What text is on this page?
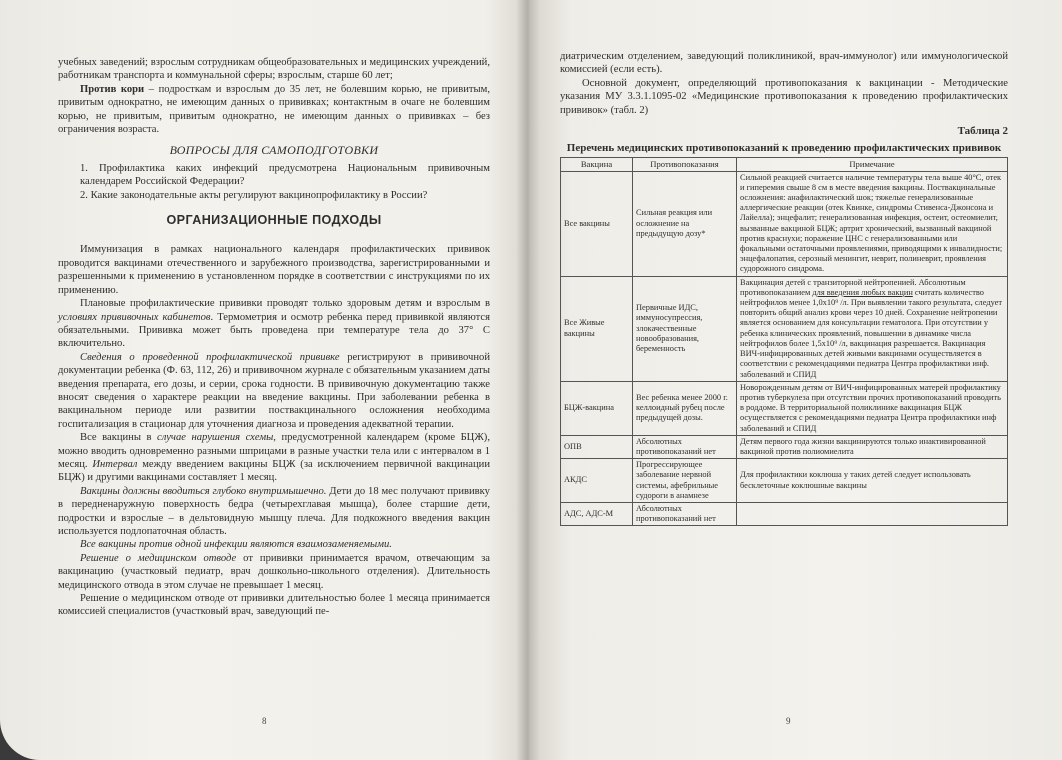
учебных заведений; взрослым сотрудникам общеобразовательных и медицинских учреждений, работникам транспорта и коммунальной сферы; взрослым, старше 60 лет;

Против кори – подросткам и взрослым до 35 лет, не болевшим корью, не привитым, привитым однократно, не имеющим данных о прививках; контактным в очаге не болевшим корью, не привитым, привитым однократно, не имеющим данных о прививках – без ограничения возраста.

ВОПРОСЫ ДЛЯ САМОПОДГОТОВКИ

1. Профилактика каких инфекций предусмотрена Национальным прививочным календарем Российской Федерации?

2. Какие законодательные акты регулируют вакцинопрофилактику в России?

ОРГАНИЗАЦИОННЫЕ ПОДХОДЫ

Иммунизация в рамках национального календаря профилактических прививок проводится вакцинами отечественного и зарубежного производства, зарегистрированными и разрешенными к применению в установленном порядке в соответствии с инструкциями по их применению.

Плановые профилактические прививки проводят только здоровым детям и взрослым в условиях прививочных кабинетов. Термометрия и осмотр ребенка перед прививкой являются обязательными. Прививка может быть проведена при температуре тела до 37° С включительно.

Сведения о проведенной профилактической прививке регистрируют в прививочной документации ребенка (Ф. 63, 112, 26) и прививочном журнале с обязательным указанием даты введения препарата, его дозы, и серии, срока годности. В прививочную документацию также вносят сведения о характере реакции на введение вакцины. При заболевании ребенка в вакцинальном периоде или развитии поствакцинального осложнения необходима госпитализация в стационар для уточнения диагноза и проведения адекватной терапии.

Все вакцины в случае нарушения схемы, предусмотренной календарем (кроме БЦЖ), можно вводить одновременно разными шприцами в разные участки тела или с интервалом в 1 месяц. Интервал между введением вакцины БЦЖ (за исключением первичной вакцинации БЦЖ) и другими вакцинами составляет 1 месяц.

Вакцины должны вводиться глубоко внутримышечно. Дети до 18 мес получают прививку в передненаружную поверхность бедра (четырехглавая мышца), более старшие дети, подростки и взрослые – в дельтовидную мышцу плеча. Для подкожного введения вакцин используется подлопаточная область.

Все вакцины против одной инфекции являются взаимозаменяемыми.

Решение о медицинском отводе от прививки принимается врачом, отвечающим за вакцинацию (участковый педиатр, врач дошкольно-школьного отделения). Длительность медицинского отвода в этом случае не превышает 1 месяц.

Решение о медицинском отводе от прививки длительностью более 1 месяца принимается комиссией специалистов (участковый врач, заведующий пе-

8

диатрическим отделением, заведующий поликлиникой, врач-иммунолог) или иммунологической комиссией (если есть).

Основной документ, определяющий противопоказания к вакцинации - Методические указания МУ 3.3.1.1095-02 «Медицинские противопоказания к проведению профилактических прививок» (табл. 2)

Таблица 2
Перечень медицинских противопоказаний к проведению профилактических прививок
Вакцина	Противопоказания	Примечание
Все вакцины	Сильная реакция или осложнение на предыдущую дозу*	Сильной реакцией считается наличие температуры тела выше 40°С, отек и гиперемия свыше 8 см в месте введения вакцины. Поствакцинальные осложнения: анафилактический шок; тяжелые генерализованные аллергические реакции (отек Квинке, синдромы Стивенса-Джонсона и Лайелла); энцефалит; генерализованная инфекция, остеит, остеомиелит, вызванные вакциной БЦЖ; артрит хронический, вызванный вакциной против краснухи; поражение ЦНС с генерализованными или фокальными остаточными проявлениями, приводящими к инвалидности; энцефалопатия, серозный менингит, неврит, полиневрит, проявления судорожного синдрома.
Все Живые вакцины	Первичные ИДС, иммуносупрессия, злокачественные новообразования, беременность	Вакцинация детей с транзиторной нейтропенией. Абсолютным противопоказанием для введения любых вакцин считать количество нейтрофилов менее 1,0х10⁹ /л. При выявлении такого результата, следует повторить общий анализ крови через 10 дней. Сохранение нейтропении является основанием для консультации гематолога. При отсутствии у ребенка клинических проявлений, повышении в динамике числа нейтрофилов более 1,5х10⁹ /л, вакцинация разрешается. Вакцинация ВИЧ-инфицированных детей живыми вакцинами осуществляется в соответствии с рекомендациями педиатра Центра профилактики инф. заболеваний и СПИД
БЦЖ-вакцина	Вес ребенка менее 2000 г. келлоидный рубец после предыдущей дозы.	Новорожденным детям от ВИЧ-инфицированных матерей профилактику против туберкулеза при отсутствии прочих противопоказаний проводить в роддоме. В территориальной поликлинике вакцинация БЦЖ осуществляется с рекомендациями педиатра Центра профилактики инф заболеваний и СПИД
ОПВ	Абсолютных противопоказаний нет	Детям первого года жизни вакцинируются только инактивированной вакциной против полиомиелита
АКДС	Прогрессирующее заболевание нервной системы, афебрильные судороги в анамнезе	Для профилактики коклюша у таких детей следует использовать бесклеточные коклюшные вакцины
АДС, АДС-М	Абсолютных противопоказаний нет	
9
